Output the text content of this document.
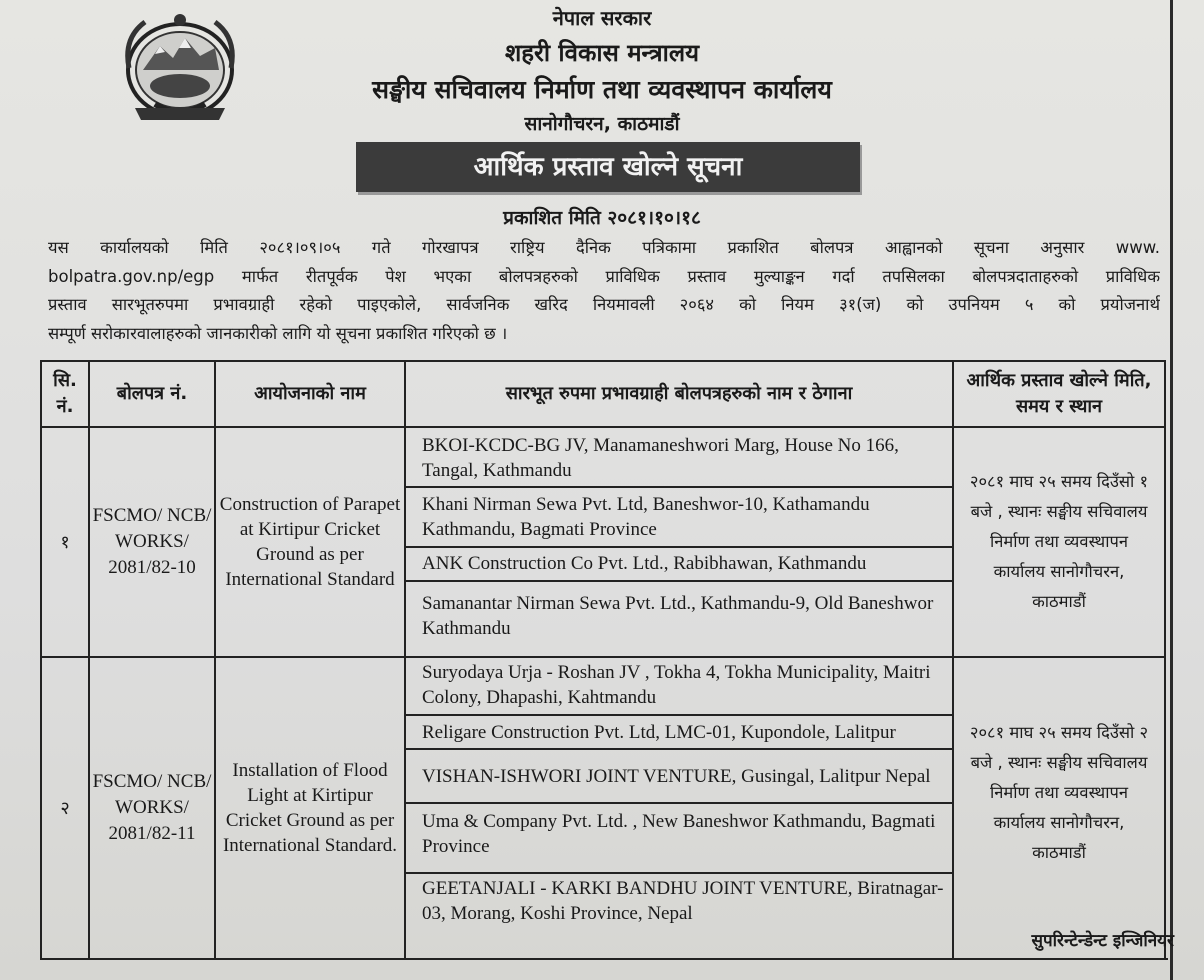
नेपाल सरकार
शहरी विकास मन्त्रालय
सङ्घीय सचिवालय निर्माण तथा व्यवस्थापन कार्यालय
सानोगौचरन, काठमाडौं
आर्थिक प्रस्ताव खोल्ने सूचना
प्रकाशित मिति २०८१।१०।१८
यस कार्यालयको मिति २०८१।०९।०५ गते गोरखापत्र राष्ट्रिय दैनिक पत्रिकामा प्रकाशित बोलपत्र आह्वानको सूचना अनुसार www.
bolpatra.gov.np/egp मार्फत रीतपूर्वक पेश भएका बोलपत्रहरुको प्राविधिक प्रस्ताव मुल्याङ्कन गर्दा तपसिलका बोलपत्रदाताहरुको प्राविधिक
प्रस्ताव सारभूतरुपमा प्रभावग्राही रहेको पाइएकोले, सार्वजनिक खरिद नियमावली २०६४ को नियम ३१(ज) को उपनियम ५ को प्रयोजनार्थ
सम्पूर्ण सरोकारवालाहरुको जानकारीको लागि यो सूचना प्रकाशित गरिएको छ ।
सि. नं.
बोलपत्र नं.	आयोजनाको नाम	सारभूत रुपमा प्रभावग्राही बोलपत्रहरुको नाम र ठेगाना
आर्थिक प्रस्ताव खोल्ने मिति, समय र स्थान
१
FSCMO/ NCB/ WORKS/ 2081/82-10
Construction of Parapet at Kirtipur Cricket Ground as per International Standard
BKOI-KCDC-BG JV, Manamaneshwori Marg, House No 166, Tangal, Kathmandu
Khani Nirman Sewa Pvt. Ltd, Baneshwor-10, Kathamandu Kathmandu, Bagmati Province
ANK Construction Co Pvt. Ltd., Rabibhawan, Kathmandu
Samanantar Nirman Sewa Pvt. Ltd., Kathmandu-9, Old Baneshwor Kathmandu
२०८१ माघ २५ समय दिउँसो १ बजे , स्थानः सङ्घीय सचिवालय निर्माण तथा व्यवस्थापन कार्यालय सानोगौचरन, काठमाडौं
२
FSCMO/ NCB/ WORKS/ 2081/82-11
Installation of Flood Light at Kirtipur Cricket Ground as per International Standard.
Suryodaya Urja - Roshan JV , Tokha 4, Tokha Municipality, Maitri Colony, Dhapashi, Kahtmandu
Religare Construction Pvt. Ltd, LMC-01, Kupondole, Lalitpur
VISHAN-ISHWORI JOINT VENTURE, Gusingal, Lalitpur Nepal
Uma & Company Pvt. Ltd. , New Baneshwor Kathmandu, Bagmati Province
GEETANJALI - KARKI BANDHU JOINT VENTURE, Biratnagar-03, Morang, Koshi Province, Nepal
२०८१ माघ २५ समय दिउँसो २ बजे , स्थानः सङ्घीय सचिवालय निर्माण तथा व्यवस्थापन कार्यालय सानोगौचरन, काठमाडौं
सुपरिन्टेन्डेन्ट इन्जिनियर
